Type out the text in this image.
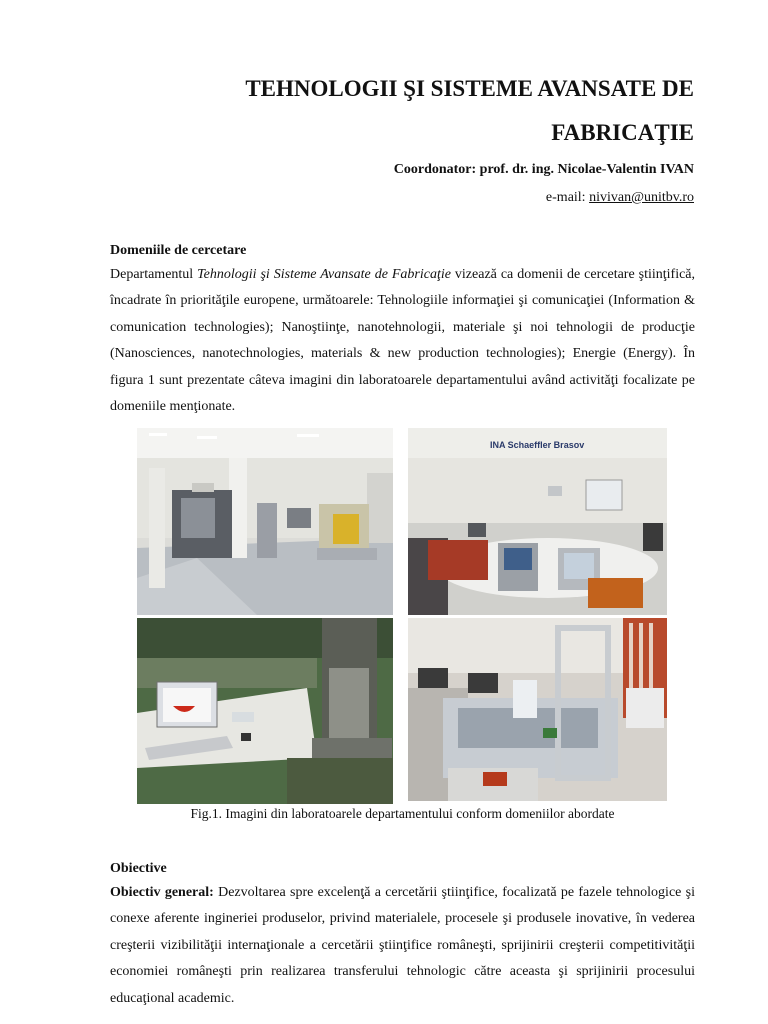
TEHNOLOGII ŞI SISTEME AVANSATE DE
FABRICAŢIE
Coordonator: prof. dr. ing. Nicolae-Valentin IVAN
e-mail: nivivan@unitbv.ro
Domeniile de cercetare

Departamentul Tehnologii şi Sisteme Avansate de Fabricaţie vizează ca domenii de cercetare ştiinţifică, încadrate în priorităţile europene, următoarele: Tehnologiile informaţiei şi comunicaţiei (Information & comunication technologies); Nanoştiinţe, nanotehnologii, materiale şi noi tehnologii de producţie (Nanosciences, nanotechnologies, materials & new production technologies); Energie (Energy). În figura 1 sunt prezentate câteva imagini din laboratoarele departamentului având activităţi focalizate pe domeniile menţionate.

INA Schaeffler Brasov
Fig.1. Imagini din laboratoarele departamentului conform domeniilor abordate
Obiective

Obiectiv general: Dezvoltarea spre excelenţă a cercetării ştiinţifice, focalizată pe fazele tehnologice şi conexe aferente ingineriei produselor, privind materialele, procesele şi produsele inovative, în vederea creşterii vizibilităţii internaţionale a cercetării ştiinţifice româneşti, sprijinirii creşterii competitivităţii economiei româneşti prin realizarea transferului tehnologic către aceasta şi sprijinirii procesului educaţional academic.
